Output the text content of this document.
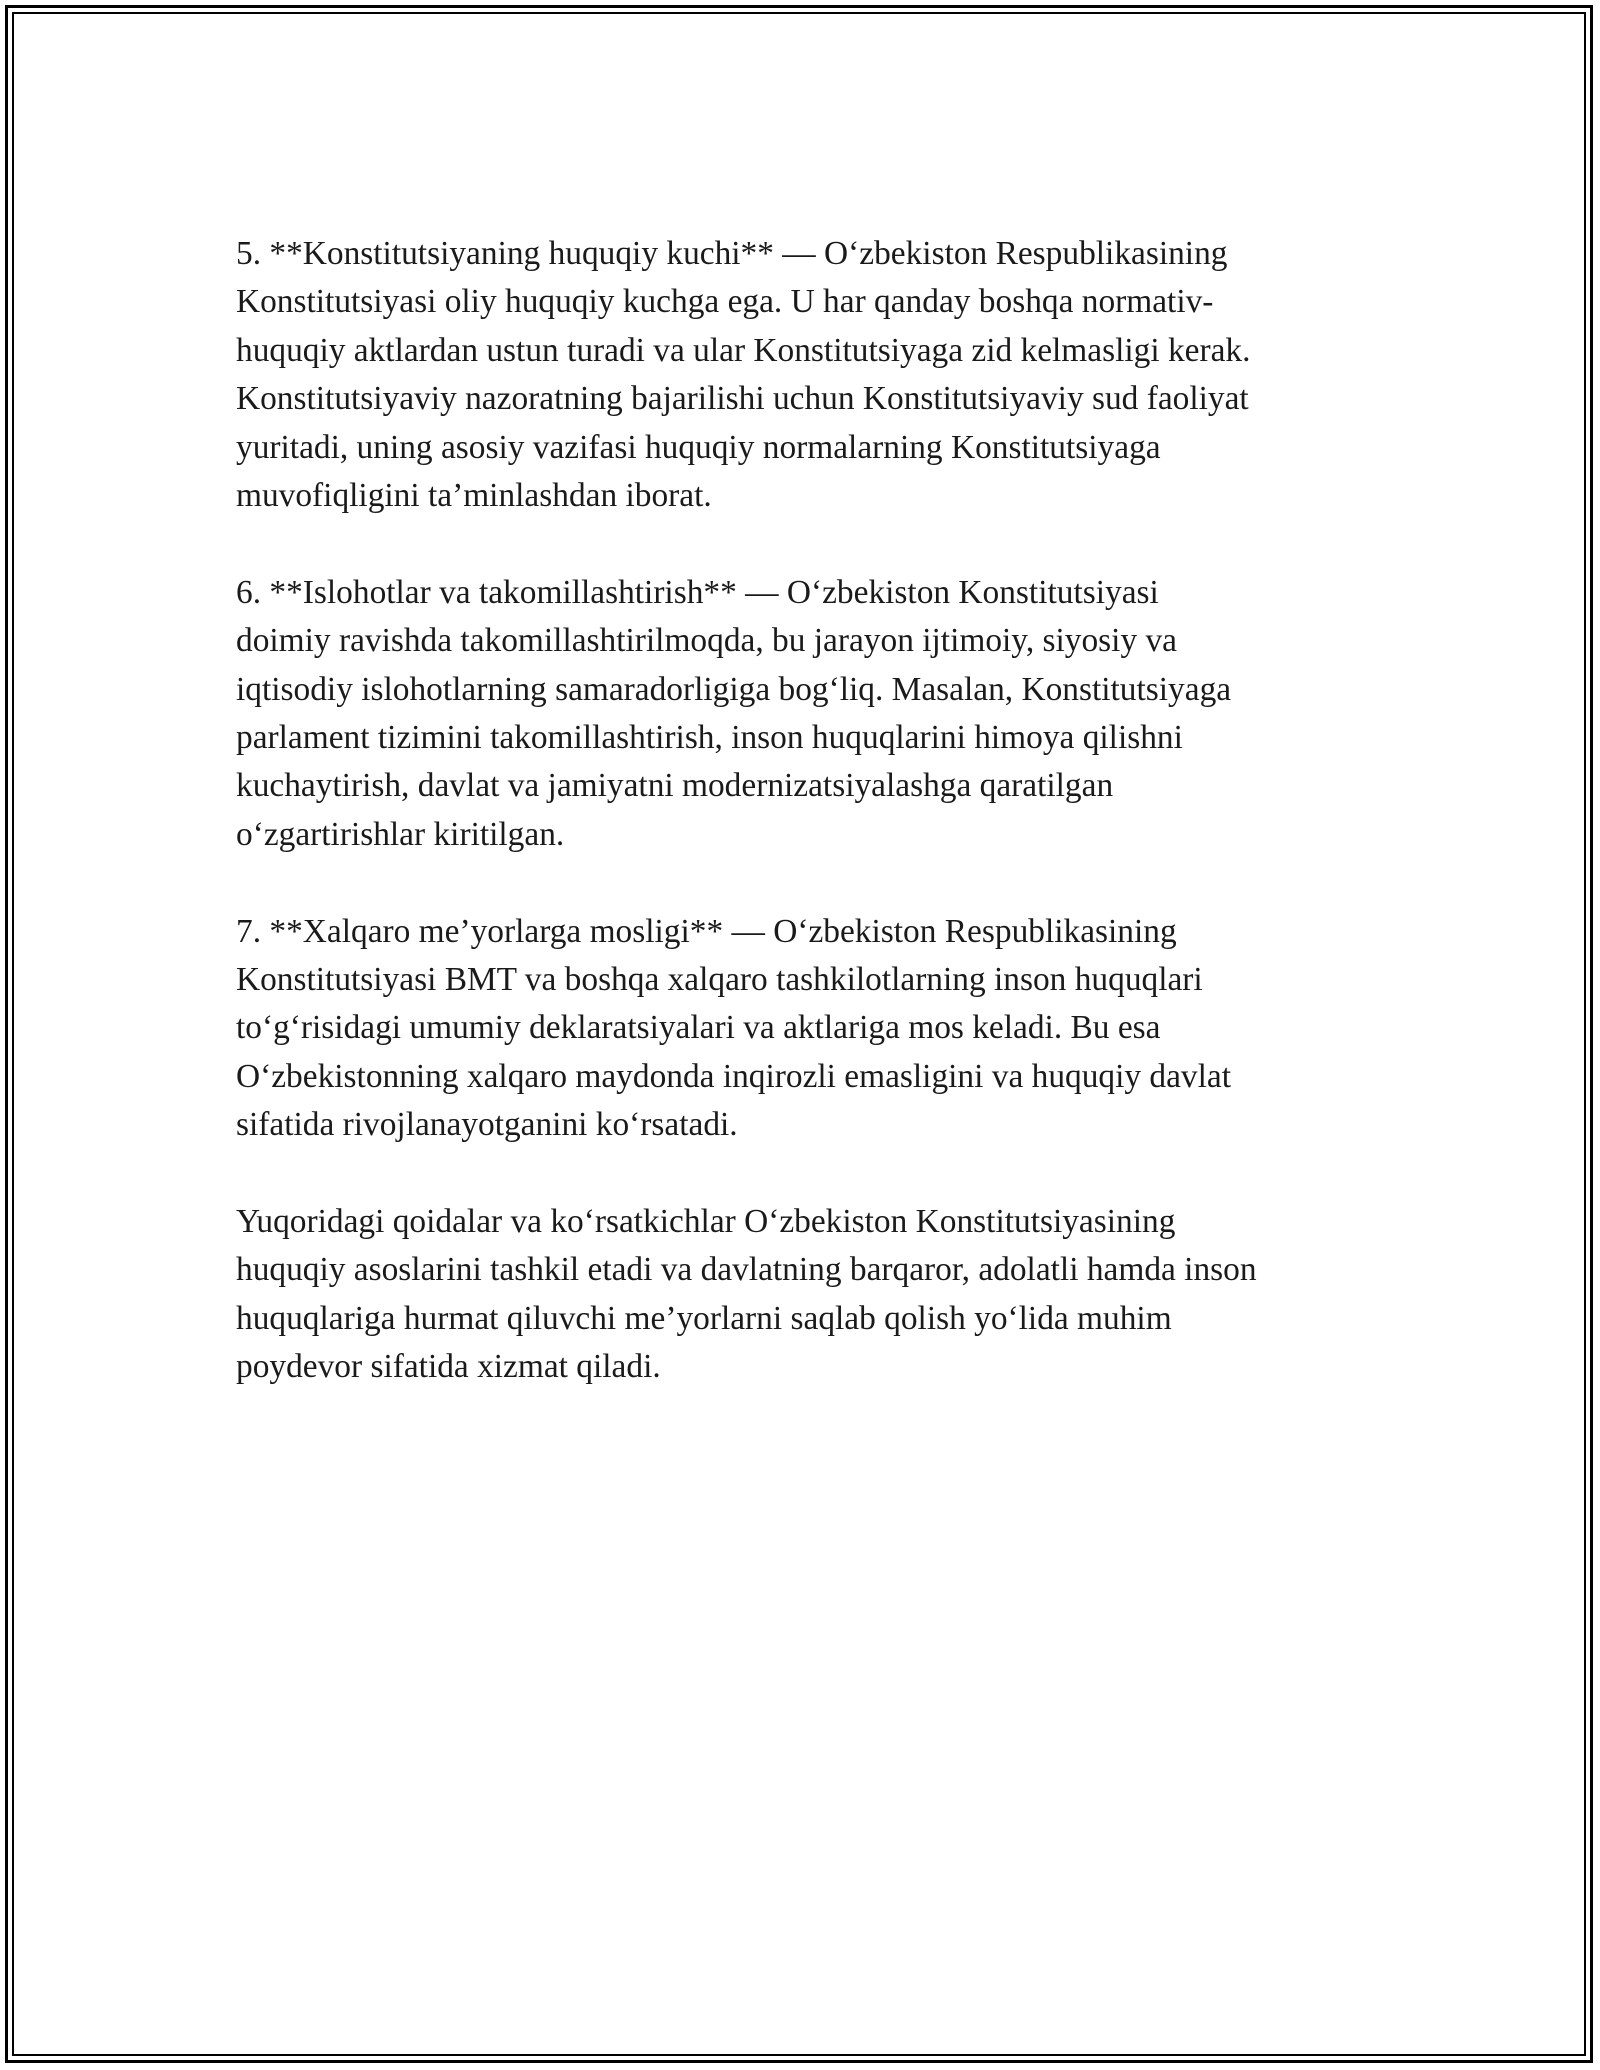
5. **Konstitutsiyaning huquqiy kuchi** — O‘zbekiston Respublikasining
Konstitutsiyasi oliy huquqiy kuchga ega. U har qanday boshqa normativ-
huquqiy aktlardan ustun turadi va ular Konstitutsiyaga zid kelmasligi kerak.
Konstitutsiyaviy nazoratning bajarilishi uchun Konstitutsiyaviy sud faoliyat
yuritadi, uning asosiy vazifasi huquqiy normalarning Konstitutsiyaga
muvofiqligini ta’minlashdan iborat.

6. **Islohotlar va takomillashtirish** — O‘zbekiston Konstitutsiyasi
doimiy ravishda takomillashtirilmoqda, bu jarayon ijtimoiy, siyosiy va
iqtisodiy islohotlarning samaradorligiga bog‘liq. Masalan, Konstitutsiyaga
parlament tizimini takomillashtirish, inson huquqlarini himoya qilishni
kuchaytirish, davlat va jamiyatni modernizatsiyalashga qaratilgan
o‘zgartirishlar kiritilgan.

7. **Xalqaro me’yorlarga mosligi** — O‘zbekiston Respublikasining
Konstitutsiyasi BMT va boshqa xalqaro tashkilotlarning inson huquqlari
to‘g‘risidagi umumiy deklaratsiyalari va aktlariga mos keladi. Bu esa
O‘zbekistonning xalqaro maydonda inqirozli emasligini va huquqiy davlat
sifatida rivojlanayotganini ko‘rsatadi.

Yuqoridagi qoidalar va ko‘rsatkichlar O‘zbekiston Konstitutsiyasining
huquqiy asoslarini tashkil etadi va davlatning barqaror, adolatli hamda inson
huquqlariga hurmat qiluvchi me’yorlarni saqlab qolish yo‘lida muhim
poydevor sifatida xizmat qiladi.
